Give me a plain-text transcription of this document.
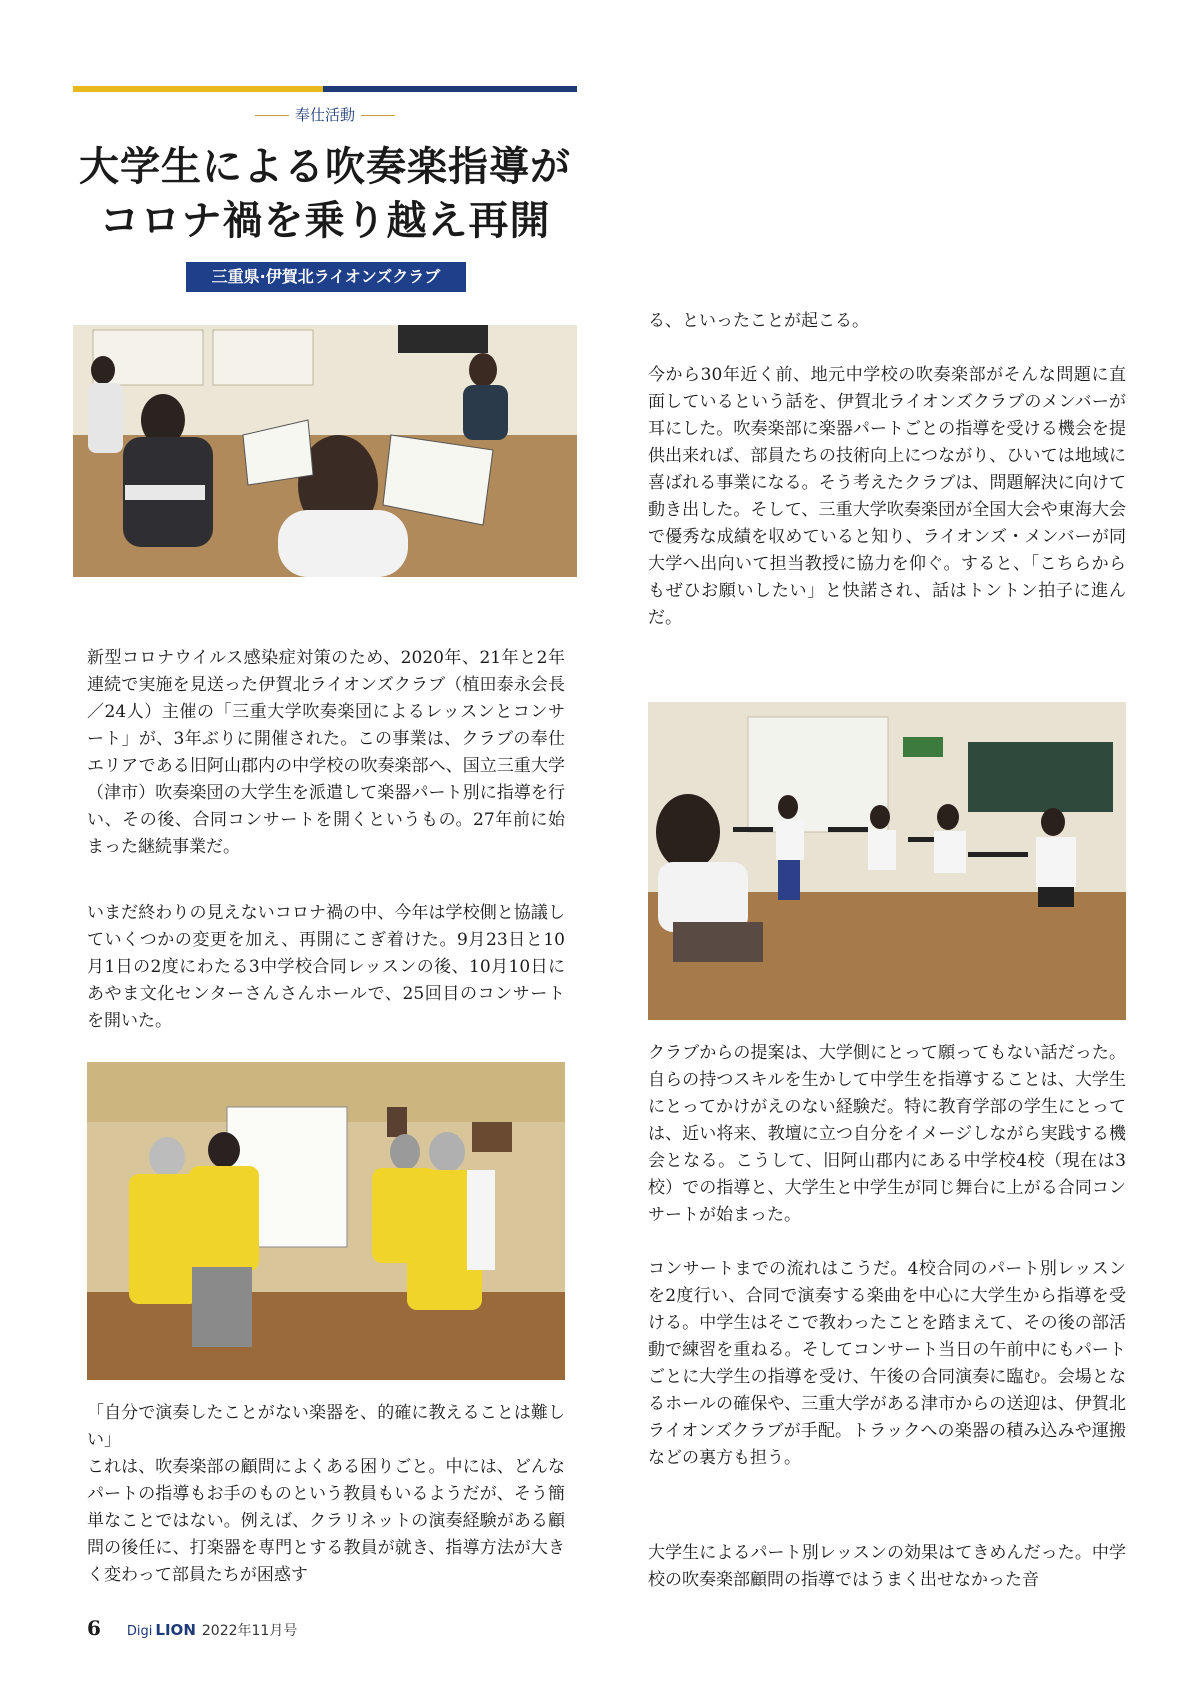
奉仕活動
大学生による吹奏楽指導が
コロナ禍を乗り越え再開
三重県·伊賀北ライオンズクラブ

新型コロナウイルス感染症対策のため、2020年、21年と2年連続で実施を見送った伊賀北ライオンズクラブ（植田泰永会長／24人）主催の「三重大学吹奏楽団によるレッスンとコンサート」が、3年ぶりに開催された。この事業は、クラブの奉仕エリアである旧阿山郡内の中学校の吹奏楽部へ、国立三重大学（津市）吹奏楽団の大学生を派遣して楽器パート別に指導を行い、その後、合同コンサートを開くというもの。27年前に始まった継続事業だ。

いまだ終わりの見えないコロナ禍の中、今年は学校側と協議していくつかの変更を加え、再開にこぎ着けた。9月23日と10月1日の2度にわたる3中学校合同レッスンの後、10月10日にあやま文化センターさんさんホールで、25回目のコンサートを開いた。

「自分で演奏したことがない楽器を、的確に教えることは難しい」
これは、吹奏楽部の顧問によくある困りごと。中には、どんなパートの指導もお手のものという教員もいるようだが、そう簡単なことではない。例えば、クラリネットの演奏経験がある顧問の後任に、打楽器を専門とする教員が就き、指導方法が大きく変わって部員たちが困惑す

る、といったことが起こる。

今から30年近く前、地元中学校の吹奏楽部がそんな問題に直面しているという話を、伊賀北ライオンズクラブのメンバーが耳にした。吹奏楽部に楽器パートごとの指導を受ける機会を提供出来れば、部員たちの技術向上につながり、ひいては地域に喜ばれる事業になる。そう考えたクラブは、問題解決に向けて動き出した。そして、三重大学吹奏楽団が全国大会や東海大会で優秀な成績を収めていると知り、ライオンズ・メンバーが同大学へ出向いて担当教授に協力を仰ぐ。すると、「こちらからもぜひお願いしたい」と快諾され、話はトントン拍子に進んだ。

クラブからの提案は、大学側にとって願ってもない話だった。自らの持つスキルを生かして中学生を指導することは、大学生にとってかけがえのない経験だ。特に教育学部の学生にとっては、近い将来、教壇に立つ自分をイメージしながら実践する機会となる。こうして、旧阿山郡内にある中学校4校（現在は3校）での指導と、大学生と中学生が同じ舞台に上がる合同コンサートが始まった。

コンサートまでの流れはこうだ。4校合同のパート別レッスンを2度行い、合同で演奏する楽曲を中心に大学生から指導を受ける。中学生はそこで教わったことを踏まえて、その後の部活動で練習を重ねる。そしてコンサート当日の午前中にもパートごとに大学生の指導を受け、午後の合同演奏に臨む。会場となるホールの確保や、三重大学がある津市からの送迎は、伊賀北ライオンズクラブが手配。トラックへの楽器の積み込みや運搬などの裏方も担う。

大学生によるパート別レッスンの効果はてきめんだった。中学校の吹奏楽部顧問の指導ではうまく出せなかった音

6 Digi LION 2022年11月号
